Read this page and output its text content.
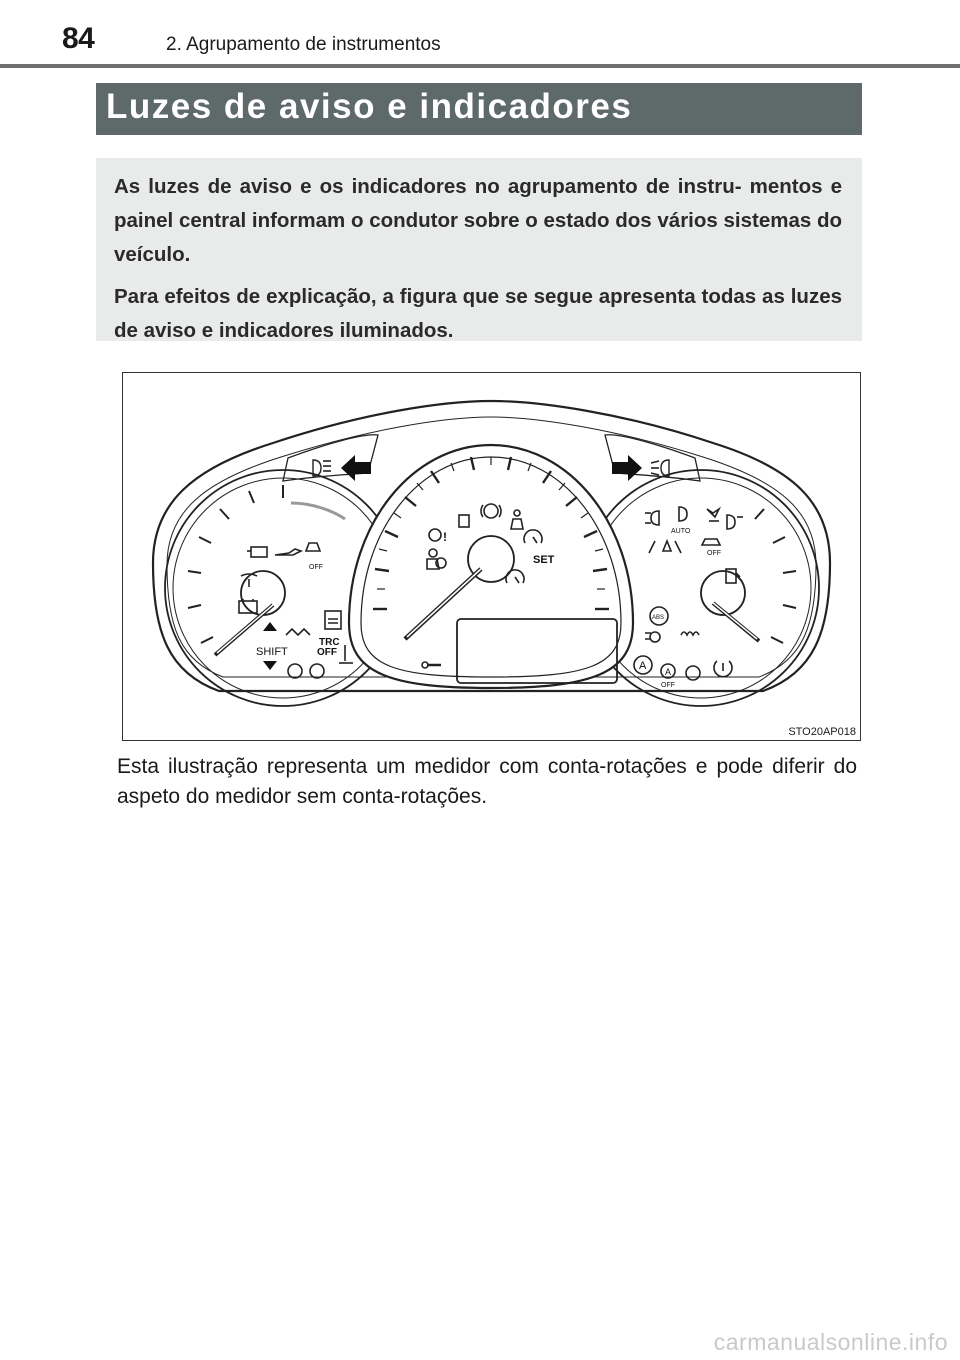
84	2. Agrupamento de instrumentos
Luzes de aviso e indicadores

As luzes de aviso e os indicadores no agrupamento de instru- mentos e painel central informam o condutor sobre o estado dos vários sistemas do veículo.

Para efeitos de explicação, a figura que se segue apresenta todas as luzes de aviso e indicadores iluminados.

OFF
SHIFT
TRC
OFF
AUTO
OFF
ABS
A A
OFF
!
SET
STO20AP018
Esta ilustração representa um medidor com conta-rotações e pode diferir do aspeto do medidor sem conta-rotações.
carmanualsonline.info
